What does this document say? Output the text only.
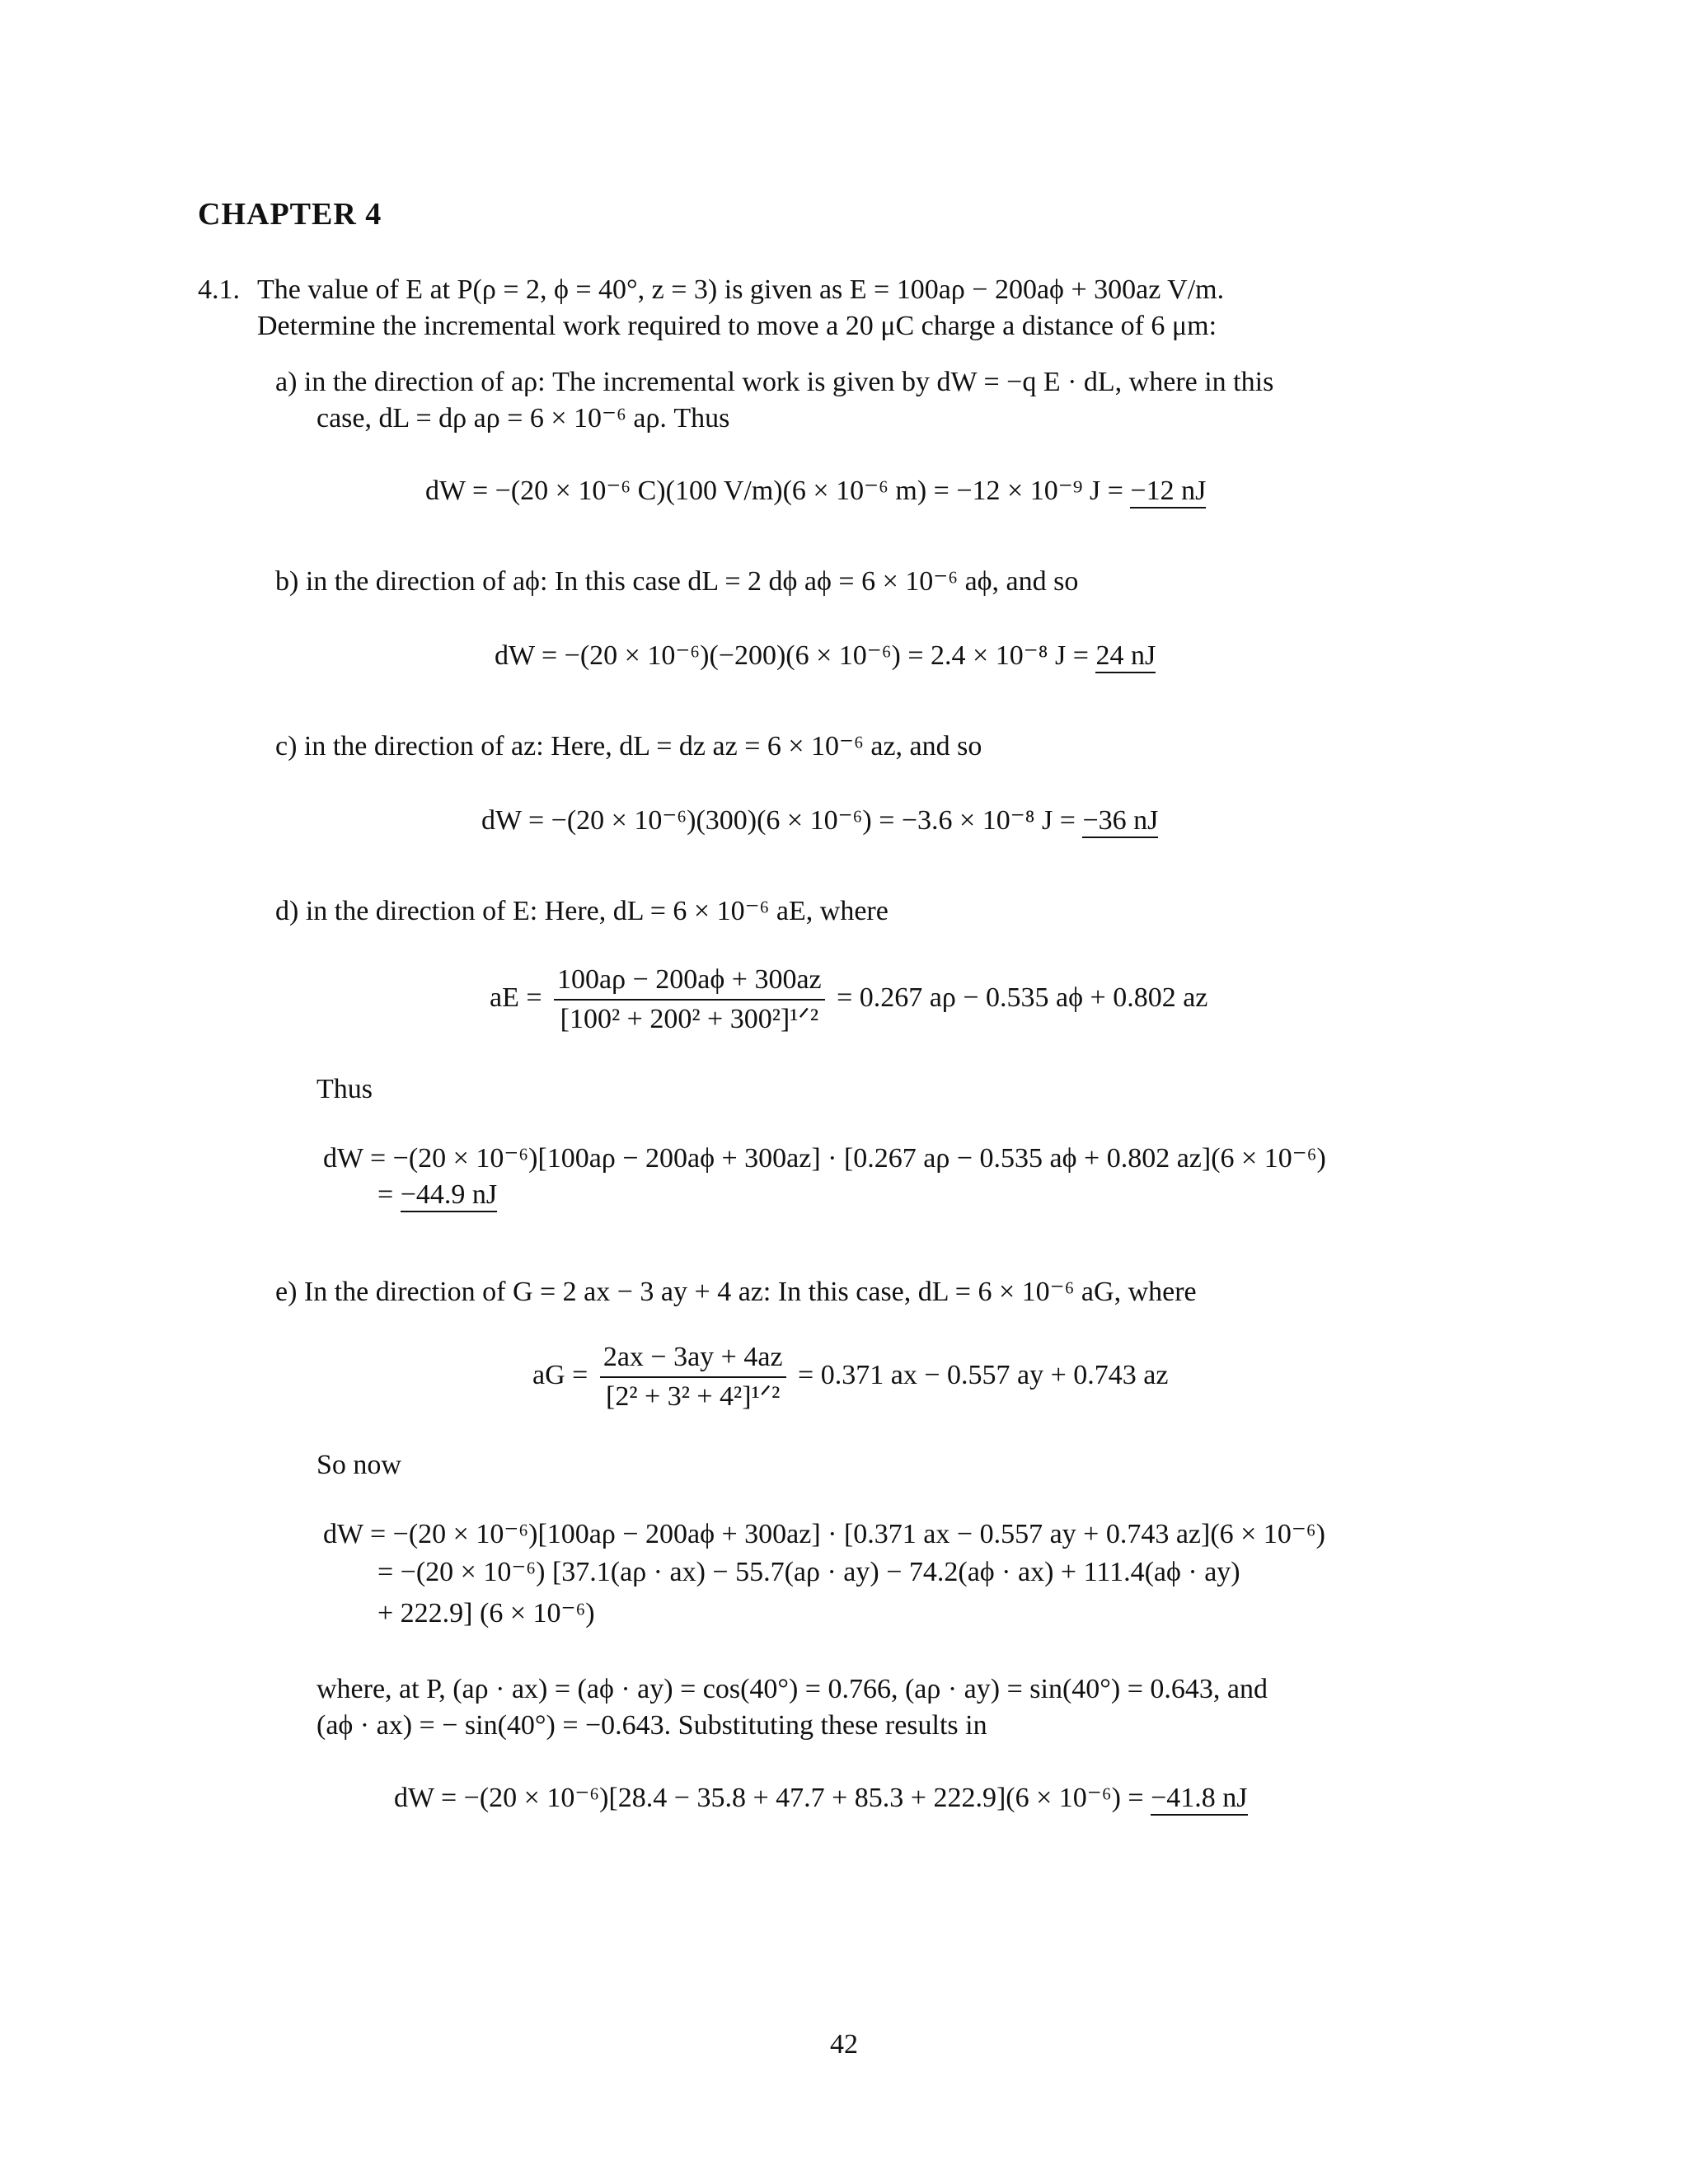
CHAPTER 4
4.1. The value of E at P(ρ = 2, ϕ = 40°, z = 3) is given as E = 100aρ − 200aϕ + 300az V/m.
Determine the incremental work required to move a 20 μC charge a distance of 6 μm:
a) in the direction of aρ: The incremental work is given by dW = −q E · dL, where in this
case, dL = dρ aρ = 6 × 10⁻⁶ aρ. Thus
dW = −(20 × 10⁻⁶ C)(100 V/m)(6 × 10⁻⁶ m) = −12 × 10⁻⁹ J = −12 nJ
b) in the direction of aϕ: In this case dL = 2 dϕ aϕ = 6 × 10⁻⁶ aϕ, and so
dW = −(20 × 10⁻⁶)(−200)(6 × 10⁻⁶) = 2.4 × 10⁻⁸ J = 24 nJ
c) in the direction of az: Here, dL = dz az = 6 × 10⁻⁶ az, and so
dW = −(20 × 10⁻⁶)(300)(6 × 10⁻⁶) = −3.6 × 10⁻⁸ J = −36 nJ
d) in the direction of E: Here, dL = 6 × 10⁻⁶ aE, where
aE = $\frac{100a\rho - 200a\phi + 300az}{\text{[100² + 200² + 300²]¹ᐟ²}} = 0.267$ aρ − 0.535 aϕ + 0.802 az
Thus
dW = −(20 × 10⁻⁶)[100aρ − 200aϕ + 300az] · [0.267 aρ − 0.535 aϕ + 0.802 az](6 × 10⁻⁶)
= −44.9 nJ
e) In the direction of G = 2 ax − 3 ay + 4 az: In this case, dL = 6 × 10⁻⁶ aG, where
aG = $\frac{2ax - 3ay + 4az}{\text{[2² + 3² + 4²]¹ᐟ²}} = 0.371$ ax − 0.557 ay + 0.743 az
So now
dW = −(20 × 10⁻⁶)[100aρ − 200aϕ + 300az] · [0.371 ax − 0.557 ay + 0.743 az](6 × 10⁻⁶)
= −(20 × 10⁻⁶) [37.1(aρ · ax) − 55.7(aρ · ay) − 74.2(aϕ · ax) + 111.4(aϕ · ay)
+ 222.9] (6 × 10⁻⁶)
where, at P, (aρ · ax) = (aϕ · ay) = cos(40°) = 0.766, (aρ · ay) = sin(40°) = 0.643, and
(aϕ · ax) = − sin(40°) = −0.643. Substituting these results in
dW = −(20 × 10⁻⁶)[28.4 − 35.8 + 47.7 + 85.3 + 222.9](6 × 10⁻⁶) = −41.8 nJ
42
